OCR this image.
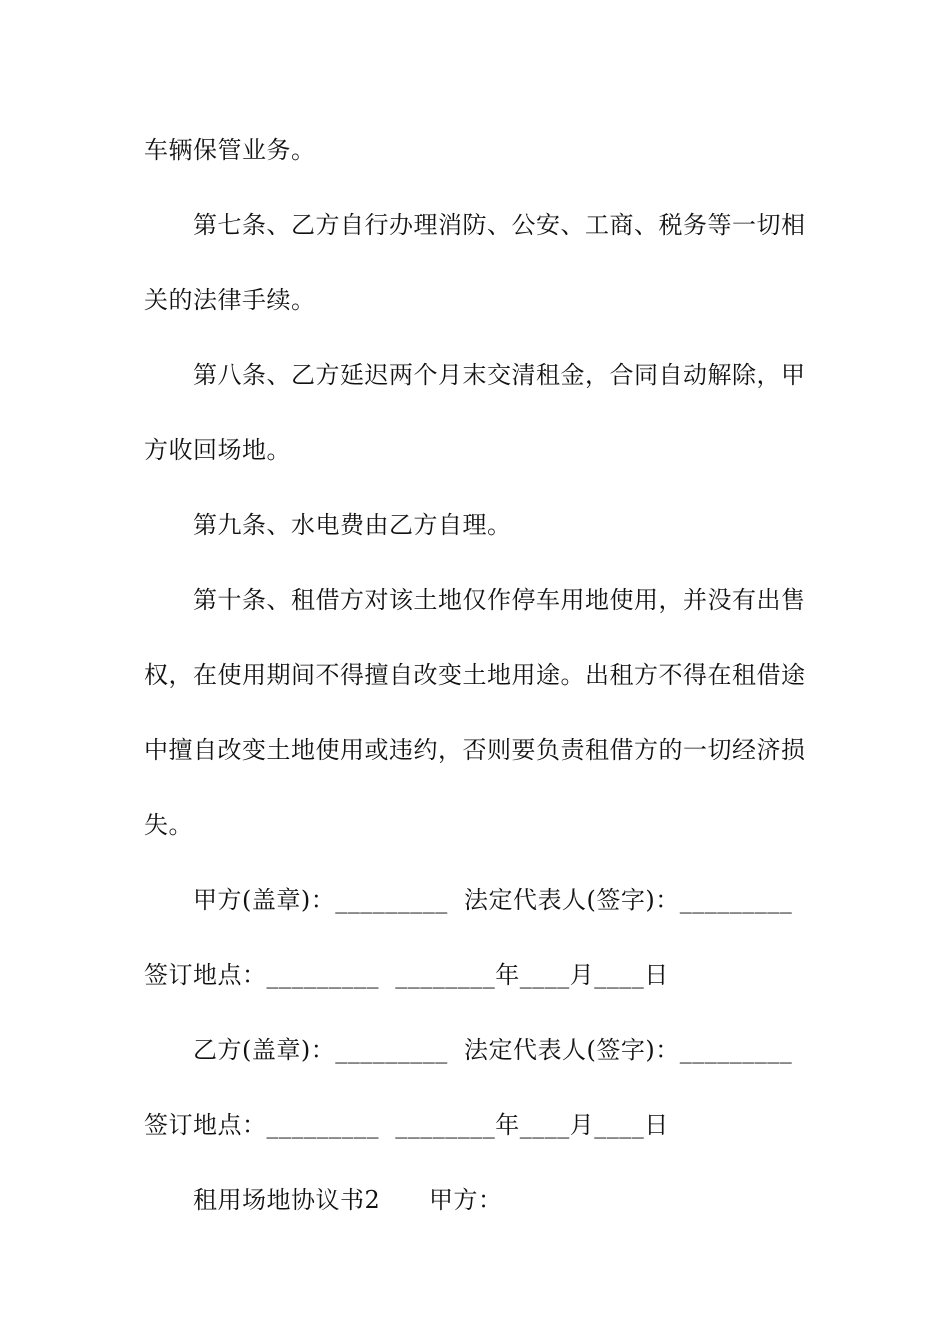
车辆保管业务。
第七条、乙方自行办理消防、公安、工商、税务等一切相
关的法律手续。
第八条、乙方延迟两个月末交清租金，合同自动解除，甲
方收回场地。
第九条、水电费由乙方自理。
第十条、租借方对该土地仅作停车用地使用，并没有出售
权，在使用期间不得擅自改变土地用途。出租方不得在租借途
中擅自改变土地使用或违约，否则要负责租借方的一切经济损
失。
甲方(盖章)：_________  法定代表人(签字)：_________
签订地点：_________  ________年____月____日
乙方(盖章)：_________  法定代表人(签字)：_________
签订地点：_________  ________年____月____日
租用场地协议书2      甲方：
